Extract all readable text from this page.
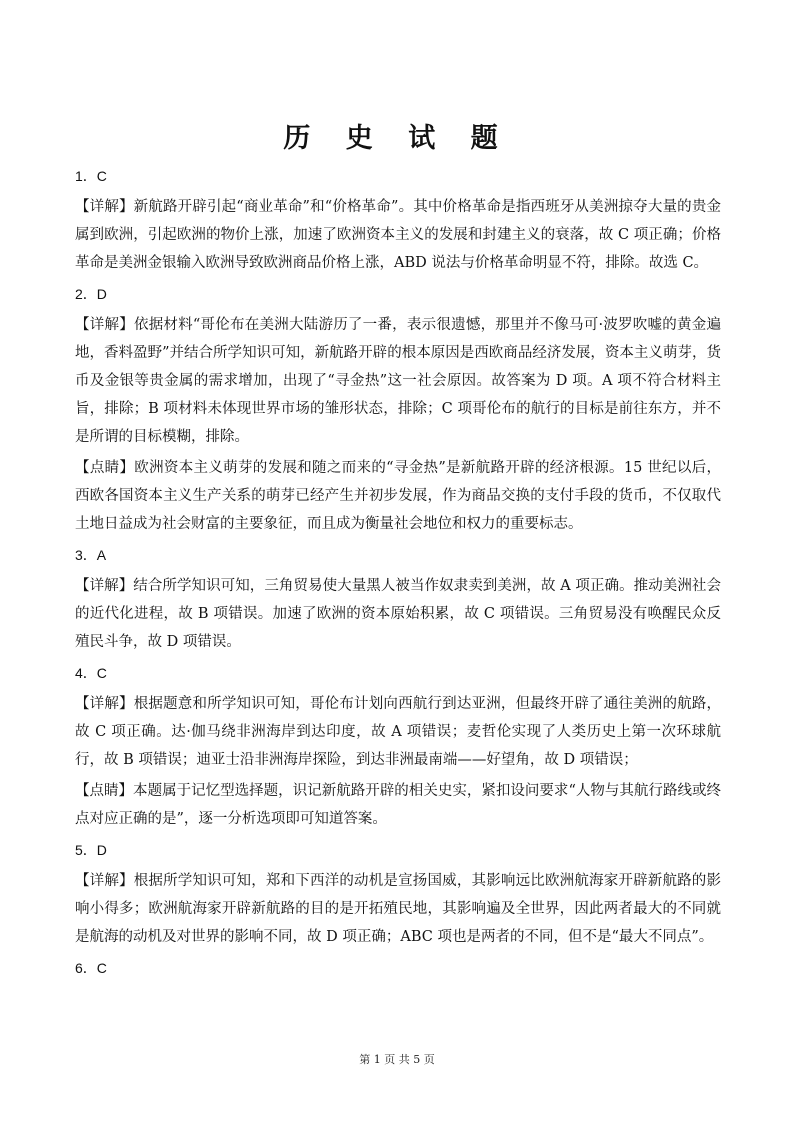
历 史 试 题
1．C

【详解】新航路开辟引起“商业革命”和“价格革命”。其中价格革命是指西班牙从美洲掠夺大量的贵金属到欧洲，引起欧洲的物价上涨，加速了欧洲资本主义的发展和封建主义的衰落，故 C 项正确；价格革命是美洲金银输入欧洲导致欧洲商品价格上涨，ABD 说法与价格革命明显不符，排除。故选 C。

2．D

【详解】依据材料“哥伦布在美洲大陆游历了一番，表示很遗憾，那里并不像马可·波罗吹嘘的黄金遍地，香料盈野”并结合所学知识可知，新航路开辟的根本原因是西欧商品经济发展，资本主义萌芽，货币及金银等贵金属的需求增加，出现了“寻金热”这一社会原因。故答案为 D 项。A 项不符合材料主旨，排除；B 项材料未体现世界市场的雏形状态，排除；C 项哥伦布的航行的目标是前往东方，并不是所谓的目标模糊，排除。

【点睛】欧洲资本主义萌芽的发展和随之而来的“寻金热”是新航路开辟的经济根源。15 世纪以后，西欧各国资本主义生产关系的萌芽已经产生并初步发展，作为商品交换的支付手段的货币，不仅取代土地日益成为社会财富的主要象征，而且成为衡量社会地位和权力的重要标志。

3．A

【详解】结合所学知识可知，三角贸易使大量黑人被当作奴隶卖到美洲，故 A 项正确。推动美洲社会的近代化进程，故 B 项错误。加速了欧洲的资本原始积累，故 C 项错误。三角贸易没有唤醒民众反殖民斗争，故 D 项错误。

4．C

【详解】根据题意和所学知识可知，哥伦布计划向西航行到达亚洲，但最终开辟了通往美洲的航路，故 C 项正确。达·伽马绕非洲海岸到达印度，故 A 项错误；麦哲伦实现了人类历史上第一次环球航行，故 B 项错误；迪亚士沿非洲海岸探险，到达非洲最南端——好望角，故 D 项错误；

【点睛】本题属于记忆型选择题，识记新航路开辟的相关史实，紧扣设问要求“人物与其航行路线或终点对应正确的是”，逐一分析选项即可知道答案。

5．D

【详解】根据所学知识可知，郑和下西洋的动机是宣扬国威，其影响远比欧洲航海家开辟新航路的影响小得多；欧洲航海家开辟新航路的目的是开拓殖民地，其影响遍及全世界，因此两者最大的不同就是航海的动机及对世界的影响不同，故 D 项正确；ABC 项也是两者的不同，但不是“最大不同点”。

6．C
第 1 页 共 5 页
